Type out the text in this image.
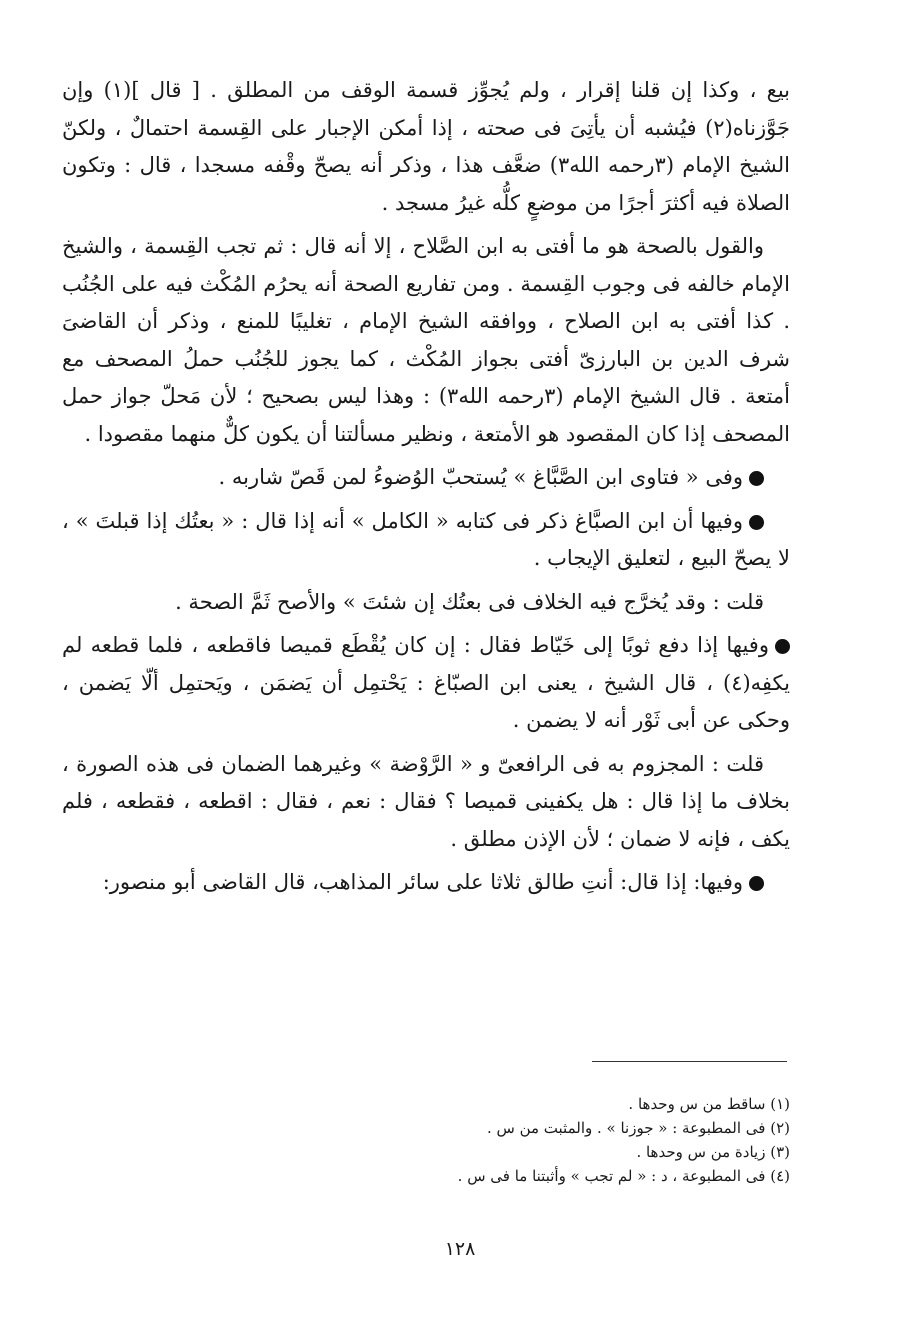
بيع ، وكذا إن قلنا إقرار ، ولم يُجوِّز قسمة الوقف من المطلق . [ قال ](١) وإن جَوَّزناه(٢) فيُشبه أن يأتِىَ فى صحته ، إذا أمكن الإجبار على القِسمة احتمالٌ ، ولكنّ الشيخ الإمام (٣رحمه الله٣) ضعَّف هذا ، وذكر أنه يصحّ وقْفه مسجدا ، قال : وتكون الصلاة فيه أكثرَ أجرًا من موضعٍ كلُّه غيرُ مسجد .

والقول بالصحة هو ما أفتى به ابن الصَّلاح ، إلا أنه قال : ثم تجب القِسمة ، والشيخ الإمام خالفه فى وجوب القِسمة . ومن تفاريع الصحة أنه يحرُم المُكْث فيه على الجُنُب . كذا أفتى به ابن الصلاح ، ووافقه الشيخ الإمام ، تغليبًا للمنع ، وذكر أن القاضىَ شرف الدين بن البارزىّ أفتى بجواز المُكْث ، كما يجوز للجُنُب حملُ المصحف مع أمتعة . قال الشيخ الإمام (٣رحمه الله٣) : وهذا ليس بصحيح ؛ لأن مَحلّ جواز حمل المصحف إذا كان المقصود هو الأمتعة ، ونظير مسألتنا أن يكون كلٌّ منهما مقصودا .

وفى « فتاوى ابن الصَّبَّاغ » يُستحبّ الوُضوءُ لمن قَصّ شاربه .

وفيها أن ابن الصبَّاغ ذكر فى كتابه « الكامل » أنه إذا قال : « بعتُك إذا قبلتَ » ، لا يصحّ البيع ، لتعليق الإيجاب .

قلت : وقد يُخرَّج فيه الخلاف فى بعتُك إن شئتَ » والأصح ثَمَّ الصحة .

وفيها إذا دفع ثوبًا إلى خَيّاط فقال : إن كان يُقْطَع قميصا فاقطعه ، فلما قطعه لم يكفِه(٤) ، قال الشيخ ، يعنى ابن الصبّاغ : يَحْتمِل أن يَضمَن ، ويَحتمِل ألّا يَضمن ، وحكى عن أبى ثَوْر أنه لا يضمن .

قلت : المجزوم به فى الرافعىّ و « الرَّوْضة » وغيرهما الضمان فى هذه الصورة ، بخلاف ما إذا قال : هل يكفينى قميصا ؟ فقال : نعم ، فقال : اقطعه ، فقطعه ، فلم يكف ، فإنه لا ضمان ؛ لأن الإذن مطلق .

وفيها: إذا قال: أنتِ طالق ثلاثا على سائر المذاهب، قال القاضى أبو منصور:

(١) ساقط من س وحدها .

(٢) فى المطبوعة : « جوزنا » . والمثبت من س .

(٣) زيادة من س وحدها .

(٤) فى المطبوعة ، د : « لم تجب » وأثبتنا ما فى س .

١٢٨
